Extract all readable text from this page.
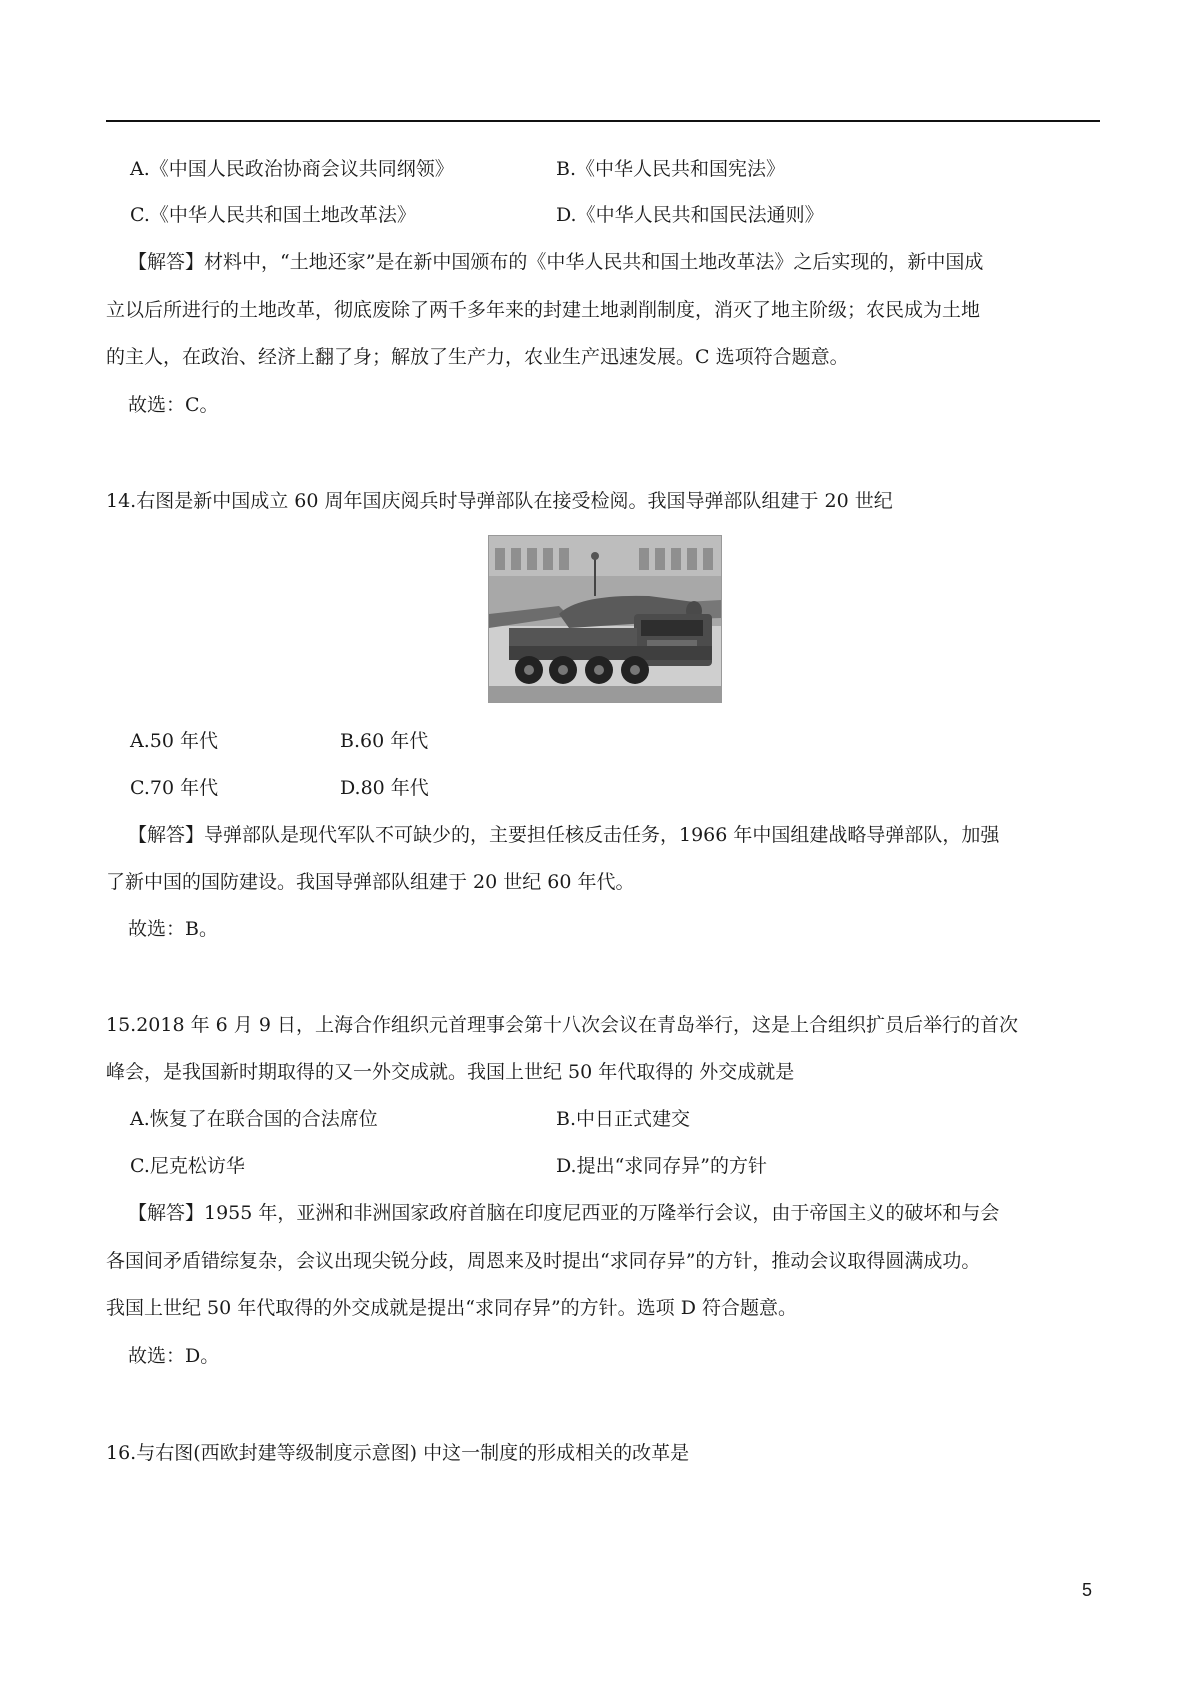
A.《中国人民政治协商会议共同纲领》	B.《中华人民共和国宪法》
C.《中华人民共和国土地改革法》	D.《中华人民共和国民法通则》
【解答】材料中，“土地还家”是在新中国颁布的《中华人民共和国土地改革法》之后实现的，新中国成
立以后所进行的土地改革，彻底废除了两千多年来的封建土地剥削制度，消灭了地主阶级；农民成为土地
的主人，在政治、经济上翻了身；解放了生产力，农业生产迅速发展。C 选项符合题意。
故选：C。
14.右图是新中国成立 60 周年国庆阅兵时导弹部队在接受检阅。我国导弹部队组建于 20 世纪
A.50 年代	B.60 年代
C.70 年代	D.80 年代
【解答】导弹部队是现代军队不可缺少的，主要担任核反击任务，1966 年中国组建战略导弹部队，加强
了新中国的国防建设。我国导弹部队组建于 20 世纪 60 年代。
故选：B。
15.2018 年 6 月 9 日，上海合作组织元首理事会第十八次会议在青岛举行，这是上合组织扩员后举行的首次
峰会，是我国新时期取得的又一外交成就。我国上世纪 50 年代取得的 外交成就是
A.恢复了在联合国的合法席位	B.中日正式建交
C.尼克松访华	D.提出“求同存异”的方针
【解答】1955 年，亚洲和非洲国家政府首脑在印度尼西亚的万隆举行会议，由于帝国主义的破坏和与会
各国间矛盾错综复杂，会议出现尖锐分歧，周恩来及时提出“求同存异”的方针，推动会议取得圆满成功。
我国上世纪 50 年代取得的外交成就是提出“求同存异”的方针。选项 D 符合题意。
故选：D。
16.与右图(西欧封建等级制度示意图) 中这一制度的形成相关的改革是
5
